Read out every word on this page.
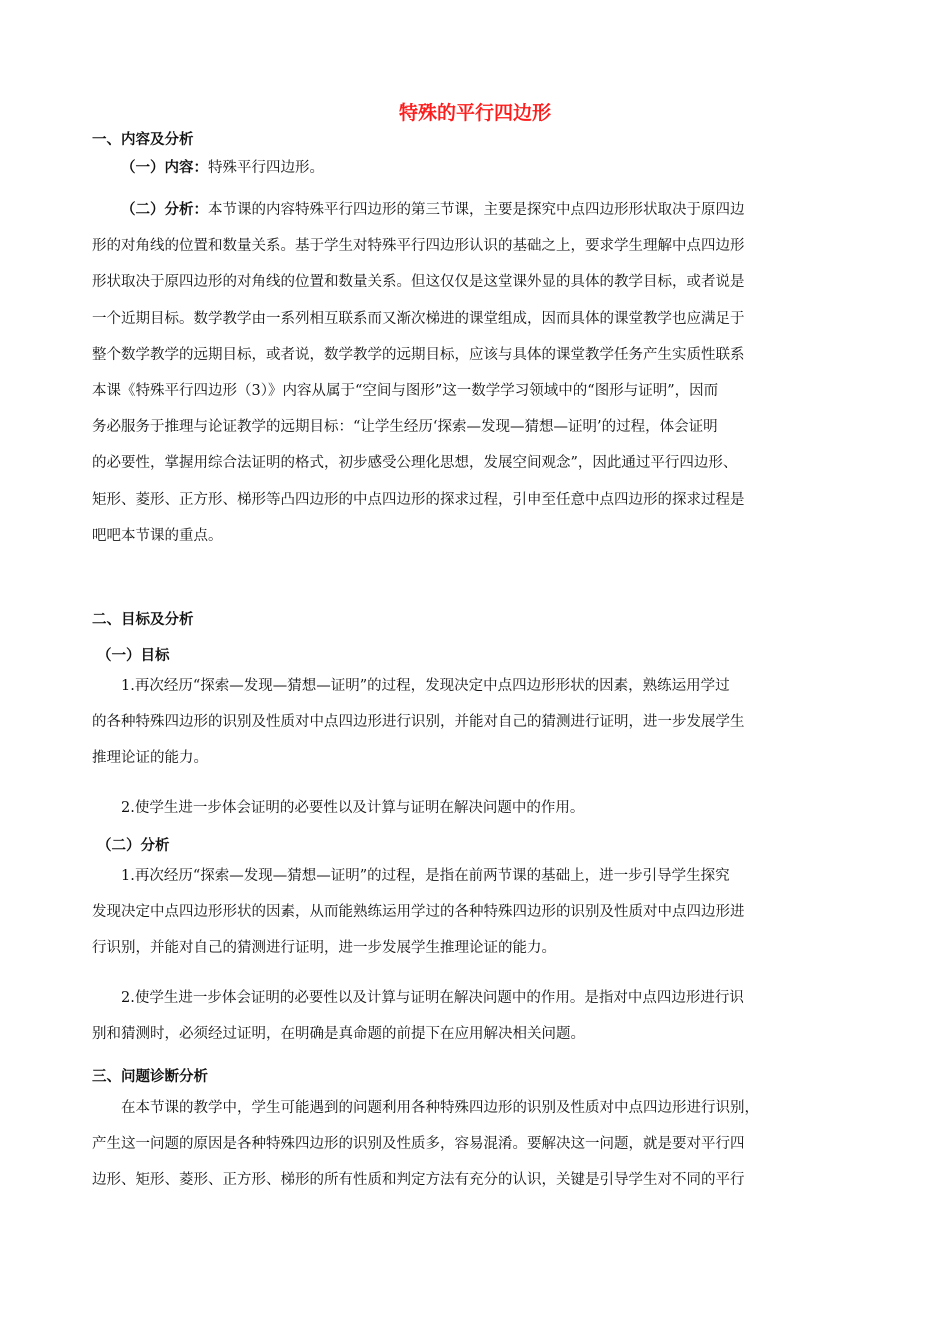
特殊的平行四边形
一、内容及分析
（一）内容：特殊平行四边形。
（二）分析：本节课的内容特殊平行四边形的第三节课，主要是探究中点四边形形状取决于原四边
形的对角线的位置和数量关系。基于学生对特殊平行四边形认识的基础之上，要求学生理解中点四边形
形状取决于原四边形的对角线的位置和数量关系。但这仅仅是这堂课外显的具体的教学目标，或者说是
一个近期目标。数学教学由一系列相互联系而又渐次梯进的课堂组成，因而具体的课堂教学也应满足于
整个数学教学的远期目标，或者说，数学教学的远期目标，应该与具体的课堂教学任务产生实质性联系
本课《特殊平行四边形（3）》内容从属于“空间与图形”这一数学学习领域中的“图形与证明”，因而
务必服务于推理与论证教学的远期目标：“让学生经历‘探索—发现—猜想—证明’的过程，体会证明
的必要性，掌握用综合法证明的格式，初步感受公理化思想，发展空间观念”，因此通过平行四边形、
矩形、菱形、正方形、梯形等凸四边形的中点四边形的探求过程，引申至任意中点四边形的探求过程是
吧吧本节课的重点。
二、目标及分析
（一）目标
1.再次经历“探索—发现—猜想—证明”的过程，发现决定中点四边形形状的因素，熟练运用学过
的各种特殊四边形的识别及性质对中点四边形进行识别，并能对自己的猜测进行证明，进一步发展学生
推理论证的能力。
2.使学生进一步体会证明的必要性以及计算与证明在解决问题中的作用。
（二）分析
1.再次经历“探索—发现—猜想—证明”的过程，是指在前两节课的基础上，进一步引导学生探究
发现决定中点四边形形状的因素，从而能熟练运用学过的各种特殊四边形的识别及性质对中点四边形进
行识别，并能对自己的猜测进行证明，进一步发展学生推理论证的能力。
2.使学生进一步体会证明的必要性以及计算与证明在解决问题中的作用。是指对中点四边形进行识
别和猜测时，必须经过证明，在明确是真命题的前提下在应用解决相关问题。
三、问题诊断分析
在本节课的教学中，学生可能遇到的问题利用各种特殊四边形的识别及性质对中点四边形进行识别，
产生这一问题的原因是各种特殊四边形的识别及性质多，容易混淆。要解决这一问题，就是要对平行四
边形、矩形、菱形、正方形、梯形的所有性质和判定方法有充分的认识，关键是引导学生对不同的平行
